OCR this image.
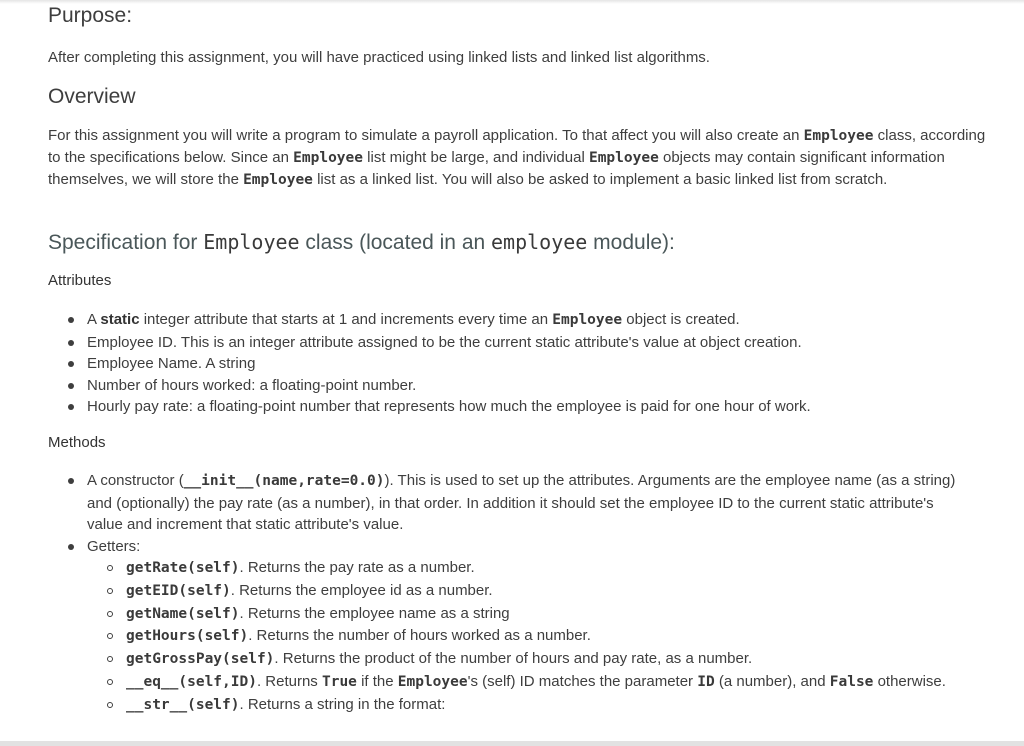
Purpose:

After completing this assignment, you will have practiced using linked lists and linked list algorithms.

Overview

For this assignment you will write a program to simulate a payroll application. To that affect you will also create an Employee class, according to the specifications below. Since an Employee list might be large, and individual Employee objects may contain significant information themselves, we will store the Employee list as a linked list. You will also be asked to implement a basic linked list from scratch.

Specification for Employee class (located in an employee module):
Attributes
A static integer attribute that starts at 1 and increments every time an Employee object is created.
Employee ID. This is an integer attribute assigned to be the current static attribute's value at object creation.
Employee Name. A string
Number of hours worked: a floating-point number.
Hourly pay rate: a floating-point number that represents how much the employee is paid for one hour of work.
Methods
A constructor (__init__(name,rate=0.0)). This is used to set up the attributes. Arguments are the employee name (as a string) and (optionally) the pay rate (as a number), in that order. In addition it should set the employee ID to the current static attribute's value and increment that static attribute's value.
Getters:
getRate(self). Returns the pay rate as a number.
getEID(self). Returns the employee id as a number.
getName(self). Returns the employee name as a string
getHours(self). Returns the number of hours worked as a number.
getGrossPay(self). Returns the product of the number of hours and pay rate, as a number.
__eq__(self,ID). Returns True if the Employee's (self) ID matches the parameter ID (a number), and False otherwise.
__str__(self). Returns a string in the format:
